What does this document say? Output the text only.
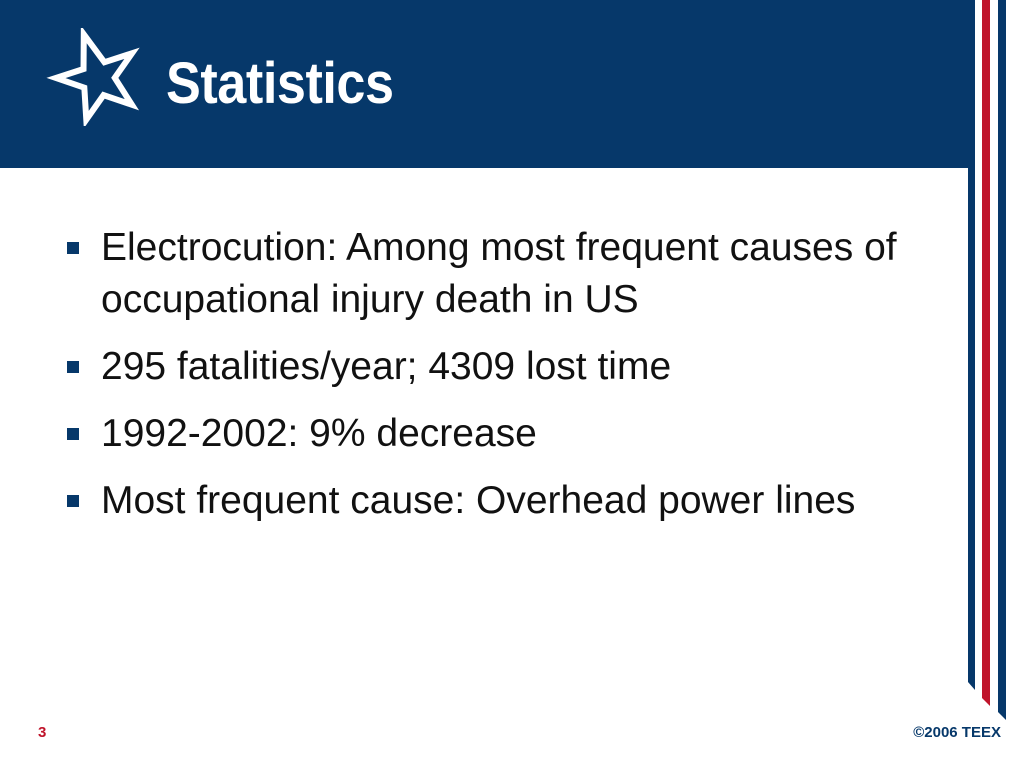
Statistics
Electrocution: Among most frequent causes of occupational injury death in US
295 fatalities/year; 4309 lost time
1992-2002: 9% decrease
Most frequent cause: Overhead power lines
3	©2006 TEEX
